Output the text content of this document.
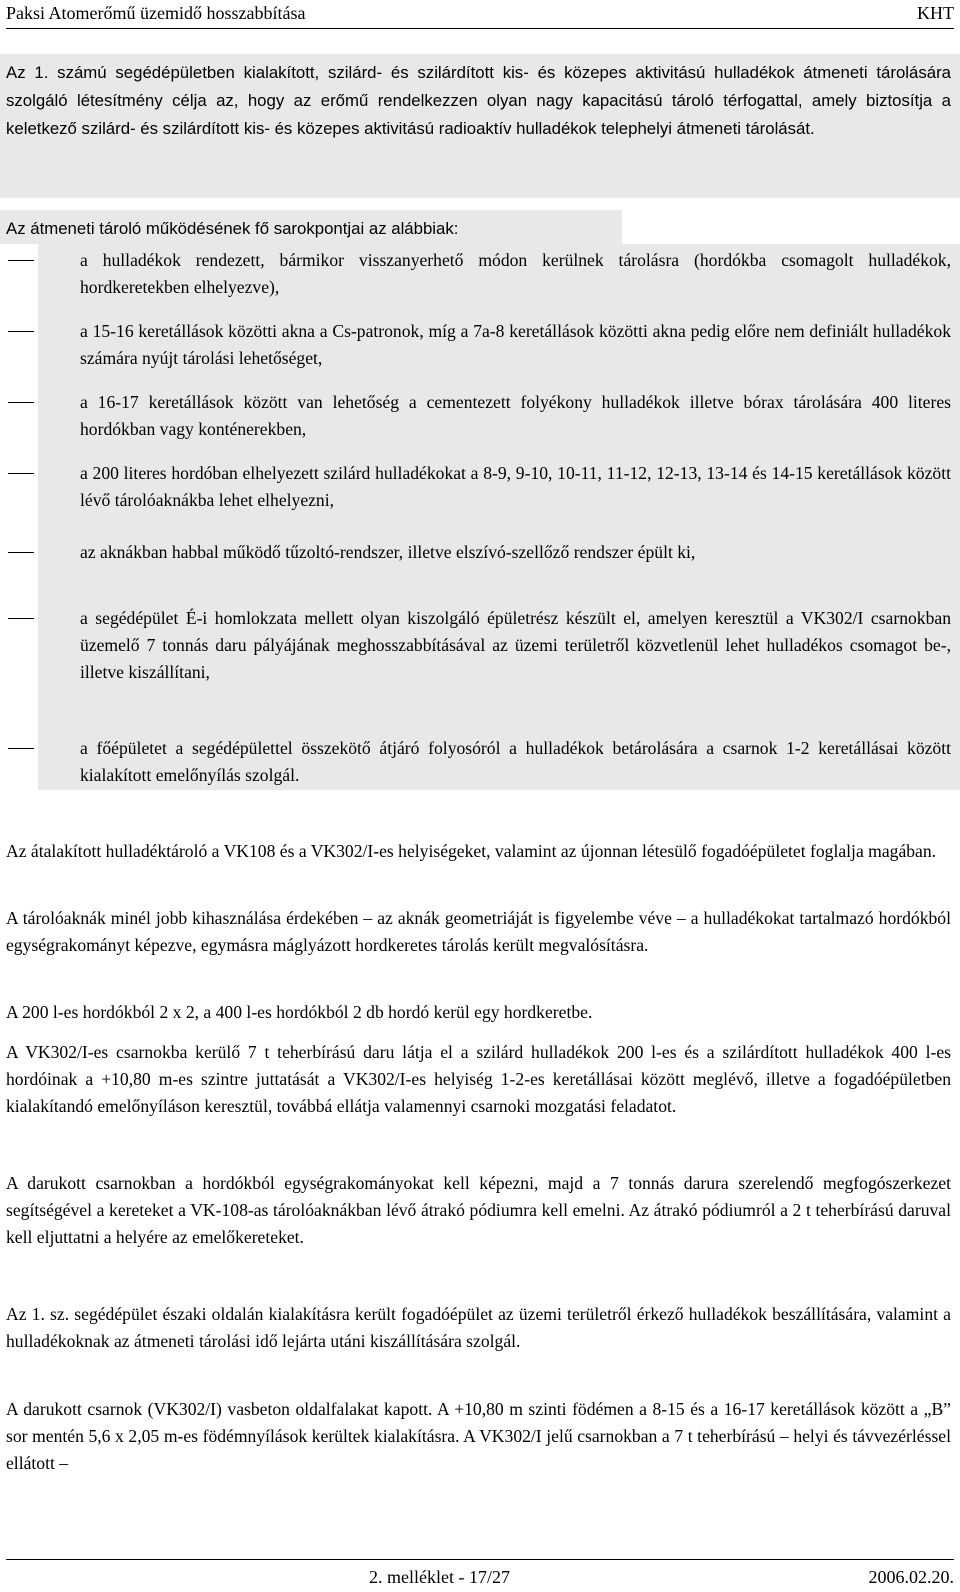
Paksi Atomerőmű üzemidő hosszabbítása	KHT
Az 1. számú segédépületben kialakított, szilárd- és szilárdított kis- és közepes aktivitású hulladékok átmeneti tárolására szolgáló létesítmény célja az, hogy az erőmű rendelkezzen olyan nagy kapacitású tároló térfogattal, amely biztosítja a keletkező szilárd- és szilárdított kis- és közepes aktivitású radioaktív hulladékok telephelyi átmeneti tárolását.
Az átmeneti tároló működésének fő sarokpontjai az alábbiak:
a hulladékok rendezett, bármikor visszanyerhető módon kerülnek tárolásra (hordókba csomagolt hulladékok, hordkeretekben elhelyezve),
a 15-16 keretállások közötti akna a Cs-patronok, míg a 7a-8 keretállások közötti akna pedig előre nem definiált hulladékok számára nyújt tárolási lehetőséget,
a 16-17 keretállások között van lehetőség a cementezett folyékony hulladékok illetve bórax tárolására 400 literes hordókban vagy konténerekben,
a 200 literes hordóban elhelyezett szilárd hulladékokat a 8-9, 9-10, 10-11, 11-12, 12-13, 13-14 és 14-15 keretállások között lévő tárolóaknákba lehet elhelyezni,
az aknákban habbal működő tűzoltó-rendszer, illetve elszívó-szellőző rendszer épült ki,
a segédépület É-i homlokzata mellett olyan kiszolgáló épületrész készült el, amelyen keresztül a VK302/I csarnokban üzemelő 7 tonnás daru pályájának meghosszabbításával az üzemi területről közvetlenül lehet hulladékos csomagot be-, illetve kiszállítani,
a főépületet a segédépülettel összekötő átjáró folyosóról a hulladékok betárolására a csarnok 1-2 keretállásai között kialakított emelőnyílás szolgál.
Az átalakított hulladéktároló a VK108 és a VK302/I-es helyiségeket, valamint az újonnan létesülő fogadóépületet foglalja magában.
A tárolóaknák minél jobb kihasználása érdekében – az aknák geometriáját is figyelembe véve – a hulladékokat tartalmazó hordókból egységrakományt képezve, egymásra máglyázott hordkeretes tárolás került megvalósításra.
A 200 l-es hordókból 2 x 2, a 400 l-es hordókból 2 db hordó kerül egy hordkeretbe.
A VK302/I-es csarnokba kerülő 7 t teherbírású daru látja el a szilárd hulladékok 200 l-es és a szilárdított hulladékok 400 l-es hordóinak a +10,80 m-es szintre juttatását a VK302/I-es helyiség 1-2-es keretállásai között meglévő, illetve a fogadóépületben kialakítandó emelőnyíláson keresztül, továbbá ellátja valamennyi csarnoki mozgatási feladatot.
A darukott csarnokban a hordókból egységrakományokat kell képezni, majd a 7 tonnás darura szerelendő megfogószerkezet segítségével a kereteket a VK-108-as tárolóaknákban lévő átrakó pódiumra kell emelni. Az átrakó pódiumról a 2 t teherbírású daruval kell eljuttatni a helyére az emelőkereteket.
Az 1. sz. segédépület északi oldalán kialakításra került fogadóépület az üzemi területről érkező hulladékok beszállítására, valamint a hulladékoknak az átmeneti tárolási idő lejárta utáni kiszállítására szolgál.
A darukott csarnok (VK302/I) vasbeton oldalfalakat kapott. A +10,80 m szinti födémen a 8-15 és a 16-17 keretállások között a „B” sor mentén 5,6 x 2,05 m-es födémnyílások kerültek kialakításra. A VK302/I jelű csarnokban a 7 t teherbírású – helyi és távvezérléssel ellátott –
2. melléklet - 17/27	2006.02.20.
